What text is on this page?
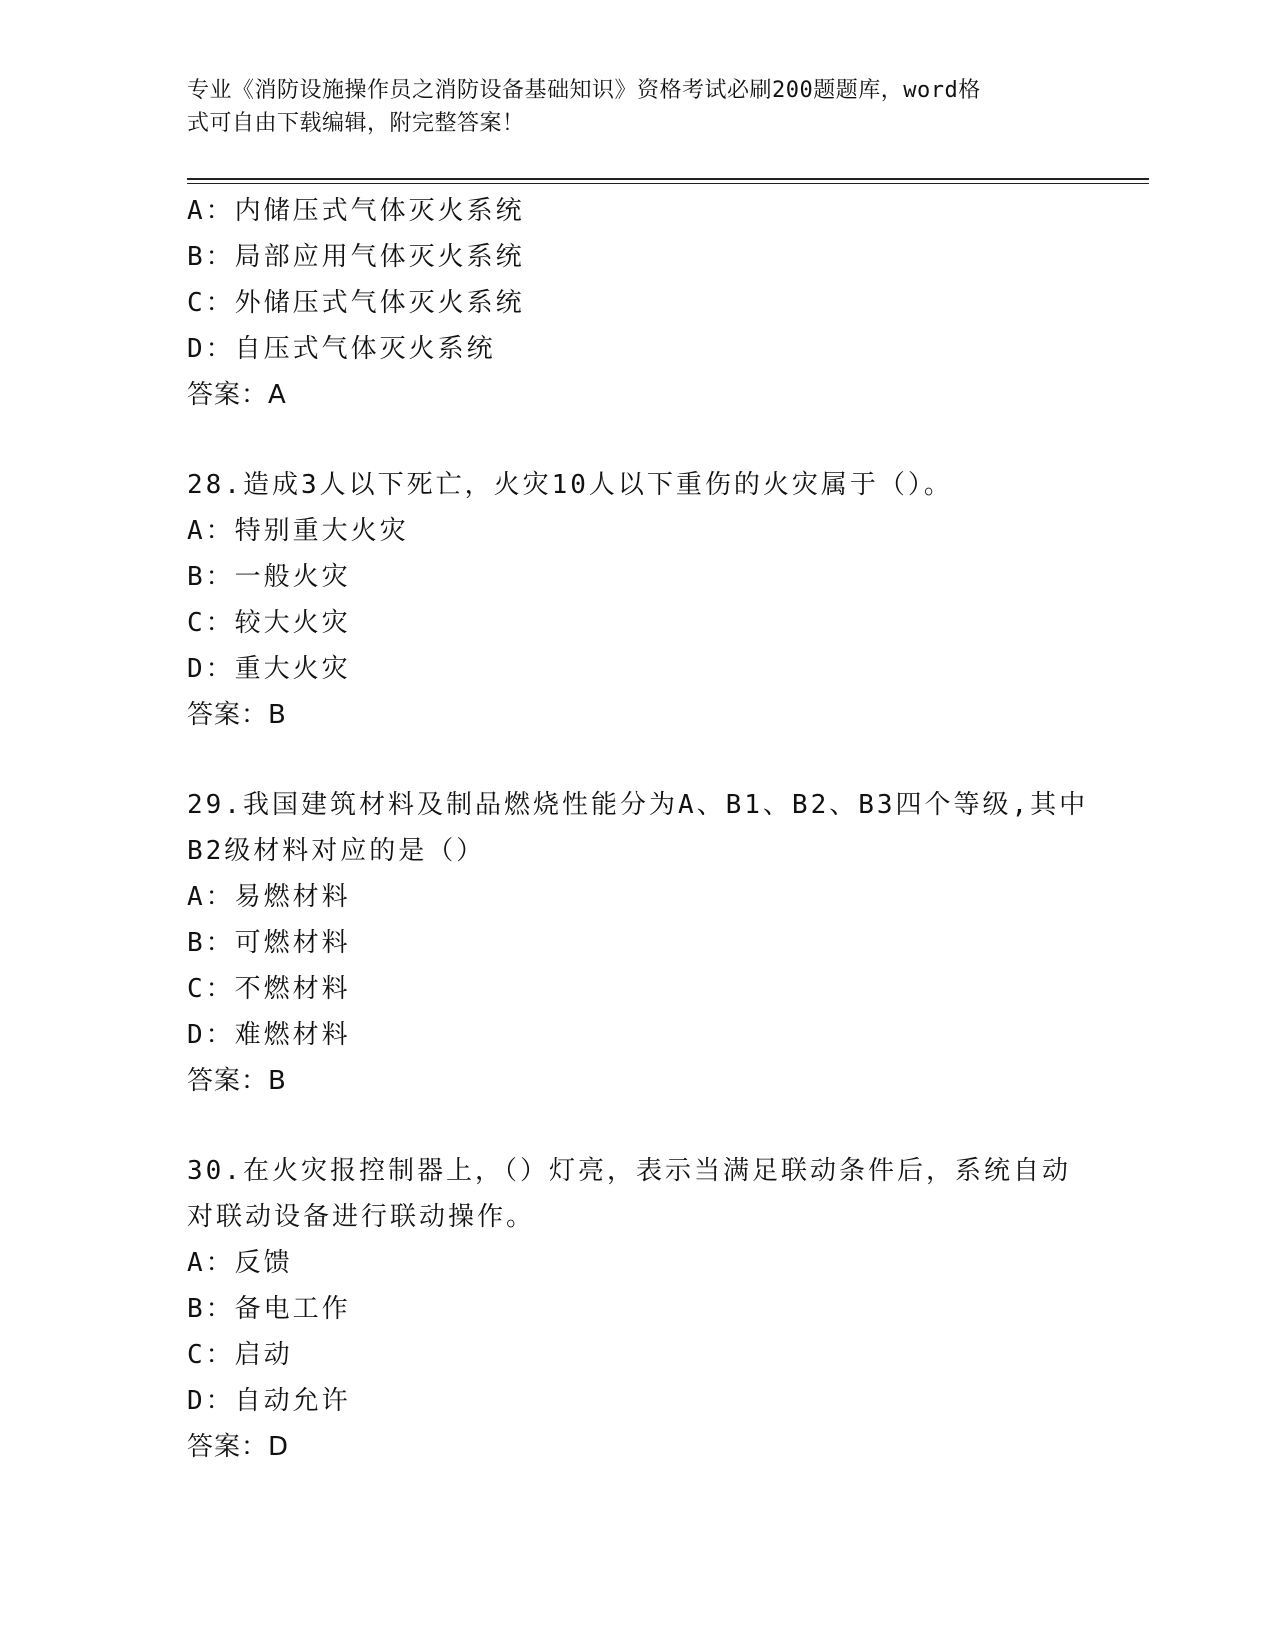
专业《消防设施操作员之消防设备基础知识》资格考试必刷200题题库，word格
式可自由下载编辑，附完整答案！
A：内储压式气体灭火系统
B：局部应用气体灭火系统
C：外储压式气体灭火系统
D：自压式气体灭火系统
答案：A
28.造成3人以下死亡，火灾10人以下重伤的火灾属于（）。
A：特别重大火灾
B：一般火灾
C：较大火灾
D：重大火灾
答案：B
29.我国建筑材料及制品燃烧性能分为A、B1、B2、B3四个等级,其中
B2级材料对应的是（）
A：易燃材料
B：可燃材料
C：不燃材料
D：难燃材料
答案：B
30.在火灾报控制器上，（）灯亮，表示当满足联动条件后，系统自动
对联动设备进行联动操作。
A：反馈
B：备电工作
C：启动
D：自动允许
答案：D
